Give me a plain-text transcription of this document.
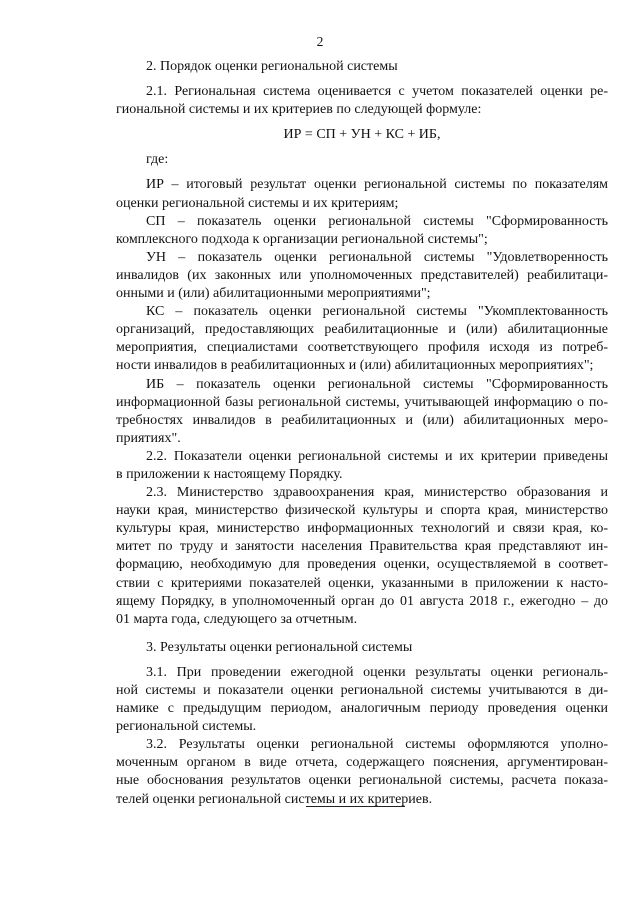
2
2. Порядок оценки региональной системы
2.1. Региональная система оценивается с учетом показателей оценки ре-
гиональной системы и их критериев по следующей формуле:
ИР = СП + УН + КС + ИБ,
где:
ИР – итоговый результат оценки региональной системы по показателям
оценки региональной системы и их критериям;
СП – показатель оценки региональной системы "Сформированность
комплексного подхода к организации региональной системы";
УН – показатель оценки региональной системы "Удовлетворенность
инвалидов (их законных или уполномоченных представителей) реабилитаци-
онными и (или) абилитационными мероприятиями";
КС – показатель оценки региональной системы "Укомплектованность
организаций, предоставляющих реабилитационные и (или) абилитационные
мероприятия, специалистами соответствующего профиля исходя из потреб-
ности инвалидов в реабилитационных и (или) абилитационных мероприятиях";
ИБ – показатель оценки региональной системы "Сформированность
информационной базы региональной системы, учитывающей информацию о по-
требностях инвалидов в реабилитационных и (или) абилитационных меро-
приятиях".
2.2. Показатели оценки региональной системы и их критерии приведены
в приложении к настоящему Порядку.
2.3. Министерство здравоохранения края, министерство образования и
науки края, министерство физической культуры и спорта края, министерство
культуры края, министерство информационных технологий и связи края, ко-
митет по труду и занятости населения Правительства края представляют ин-
формацию, необходимую для проведения оценки, осуществляемой в соответ-
ствии с критериями показателей оценки, указанными в приложении к насто-
ящему Порядку, в уполномоченный орган до 01 августа 2018 г., ежегодно – до
01 марта года, следующего за отчетным.
3. Результаты оценки региональной системы
3.1. При проведении ежегодной оценки результаты оценки региональ-
ной системы и показатели оценки региональной системы учитываются в ди-
намике с предыдущим периодом, аналогичным периоду проведения оценки
региональной системы.
3.2. Результаты оценки региональной системы оформляются уполно-
моченным органом в виде отчета, содержащего пояснения, аргументирован-
ные обоснования результатов оценки региональной системы, расчета показа-
телей оценки региональной системы и их критериев.
